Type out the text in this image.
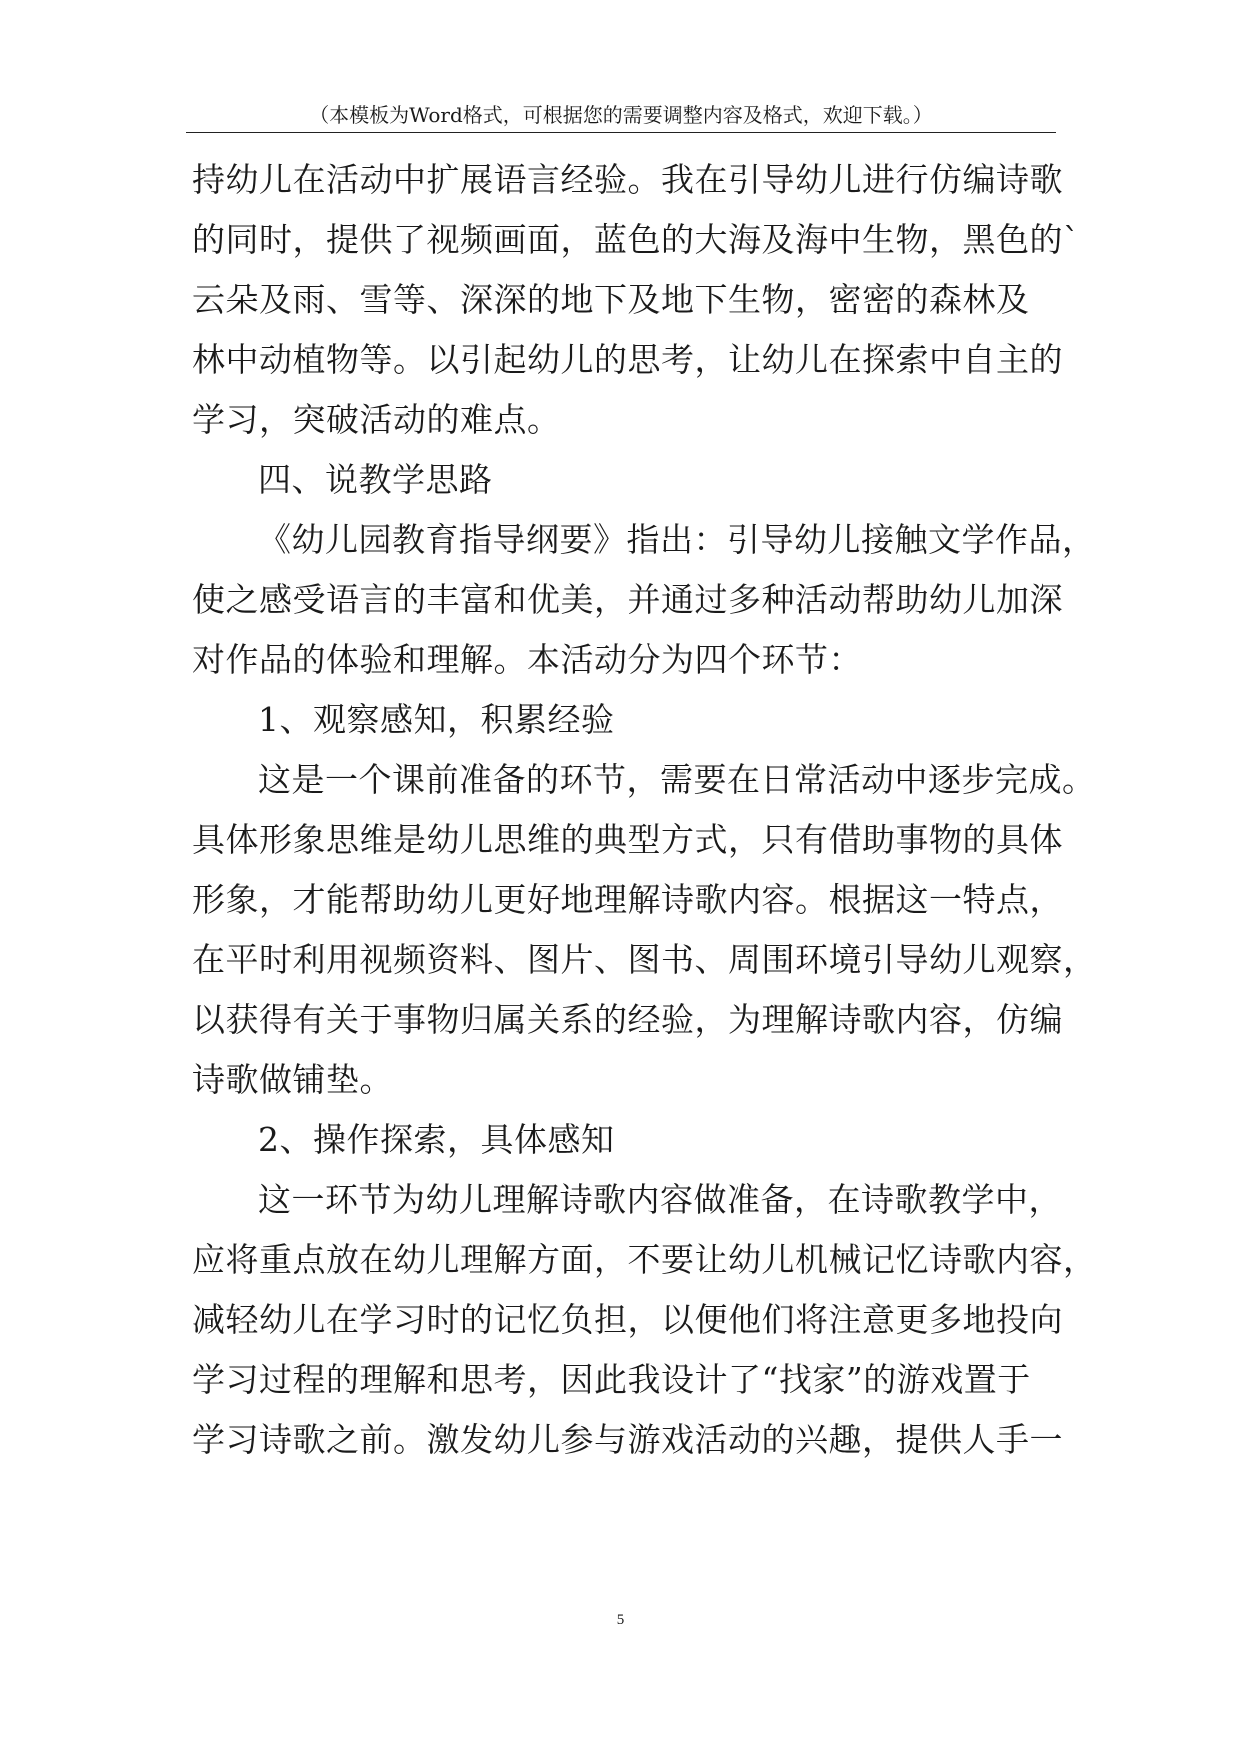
（本模板为Word格式，可根据您的需要调整内容及格式，欢迎下载。）
持幼儿在活动中扩展语言经验。我在引导幼儿进行仿编诗歌
的同时，提供了视频画面，蓝色的大海及海中生物，黑色的`
云朵及雨、雪等、深深的地下及地下生物，密密的森林及
林中动植物等。以引起幼儿的思考，让幼儿在探索中自主的
学习，突破活动的难点。
四、说教学思路
《幼儿园教育指导纲要》指出：引导幼儿接触文学作品，
使之感受语言的丰富和优美，并通过多种活动帮助幼儿加深
对作品的体验和理解。本活动分为四个环节：
1、观察感知，积累经验
这是一个课前准备的环节，需要在日常活动中逐步完成。
具体形象思维是幼儿思维的典型方式，只有借助事物的具体
形象，才能帮助幼儿更好地理解诗歌内容。根据这一特点，
在平时利用视频资料、图片、图书、周围环境引导幼儿观察，
以获得有关于事物归属关系的经验，为理解诗歌内容，仿编
诗歌做铺垫。
2、操作探索，具体感知
这一环节为幼儿理解诗歌内容做准备，在诗歌教学中，
应将重点放在幼儿理解方面，不要让幼儿机械记忆诗歌内容，
减轻幼儿在学习时的记忆负担，以便他们将注意更多地投向
学习过程的理解和思考，因此我设计了“找家”的游戏置于
学习诗歌之前。激发幼儿参与游戏活动的兴趣，提供人手一
5
